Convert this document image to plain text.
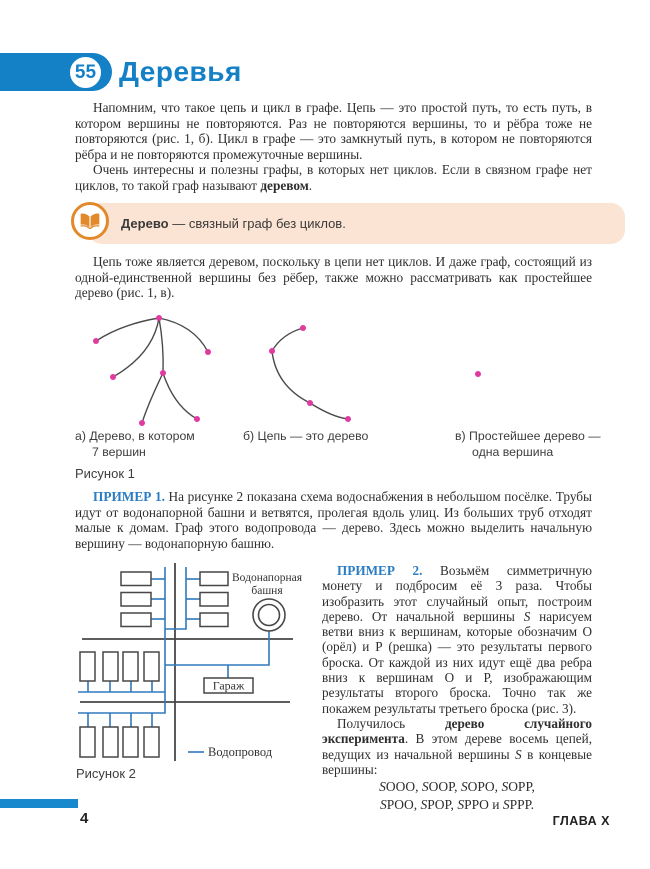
55 Деревья

Напомним, что такое цепь и цикл в графе. Цепь — это простой путь, то есть путь, в котором вершины не повторяются. Раз не повторяются вершины, то и рёбра тоже не повторяются (рис. 1, б). Цикл в графе — это замкнутый путь, в котором не повторяются рёбра и не повторяются промежуточные вершины.

Очень интересны и полезны графы, в которых нет циклов. Если в связном графе нет циклов, то такой граф называют деревом.

Дерево — связный граф без циклов.

Цепь тоже является деревом, поскольку в цепи нет циклов. И даже граф, состоящий из одной-единственной вершины без рёбер, также можно рассматривать как простейшее дерево (рис. 1, в).

а) Дерево, в котором
7 вершин
б) Цепь — это дерево	в) Простейшее дерево —
одна вершина
Рисунок 1

ПРИМЕР 1. На рисунке 2 показана схема водоснабжения в небольшом посёлке. Трубы идут от водонапорной башни и ветвятся, пролегая вдоль улиц. Из больших труб отходят малые к домам. Граф этого водопровода — дерево. Здесь можно выделить начальную вершину — водонапорную башню.

Водонапорная
башня
Гараж
Водопровод
Рисунок 2

ПРИМЕР 2. Возьмём симметричную монету и подбросим её 3 раза. Чтобы изобразить этот случайный опыт, построим дерево. От начальной вершины S нарисуем ветви вниз к вершинам, которые обозначим О (орёл) и Р (решка) — это результаты первого броска. От каждой из них идут ещё два ребра вниз к вершинам О и Р, изображающим результаты второго броска. Точно так же покажем результаты третьего броска (рис. 3).

Получилось дерево случайного эксперимента. В этом дереве восемь цепей, ведущих из начальной вершины S в концевые вершины:

SOOO, SOOP, SOPO, SOPP,

SPOO, SPOP, SPPO и SPPP.

4	ГЛАВА X
